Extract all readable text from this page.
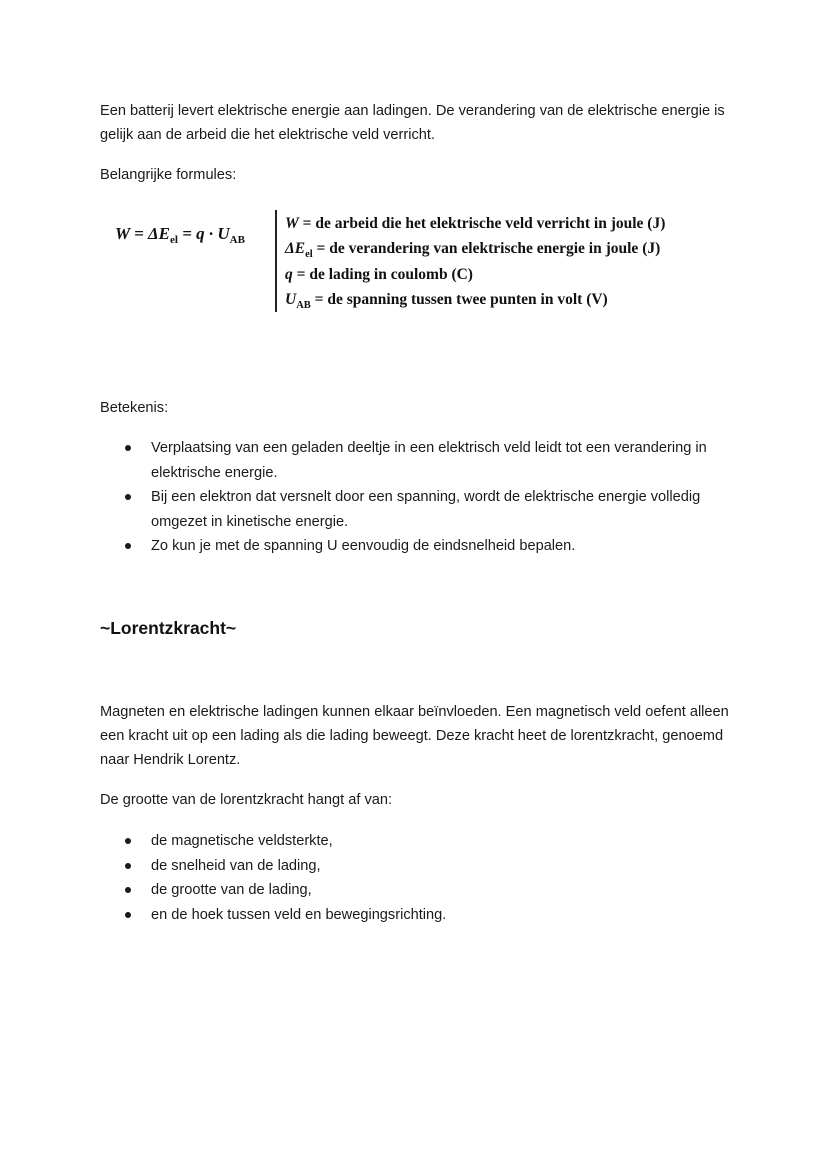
Een batterij levert elektrische energie aan ladingen. De verandering van de elektrische energie is gelijk aan de arbeid die het elektrische veld verricht.

Belangrijke formules:

$W = \Delta E_{el} = q \cdot U_{AB}$
W = de arbeid die het elektrische veld verricht in joule (J)
$\Delta E_{el}$ = de verandering van elektrische energie in joule (J)
q = de lading in coulomb (C)
$U_{AB}$ = de spanning tussen twee punten in volt (V)

Betekenis:

Verplaatsing van een geladen deeltje in een elektrisch veld leidt tot een verandering in elektrische energie.
Bij een elektron dat versnelt door een spanning, wordt de elektrische energie volledig omgezet in kinetische energie.
Zo kun je met de spanning U eenvoudig de eindsnelheid bepalen.
~Lorentzkracht~

Magneten en elektrische ladingen kunnen elkaar beïnvloeden. Een magnetisch veld oefent alleen een kracht uit op een lading als die lading beweegt. Deze kracht heet de lorentzkracht, genoemd naar Hendrik Lorentz.

De grootte van de lorentzkracht hangt af van:

de magnetische veldsterkte,
de snelheid van de lading,
de grootte van de lading,
en de hoek tussen veld en bewegingsrichting.
